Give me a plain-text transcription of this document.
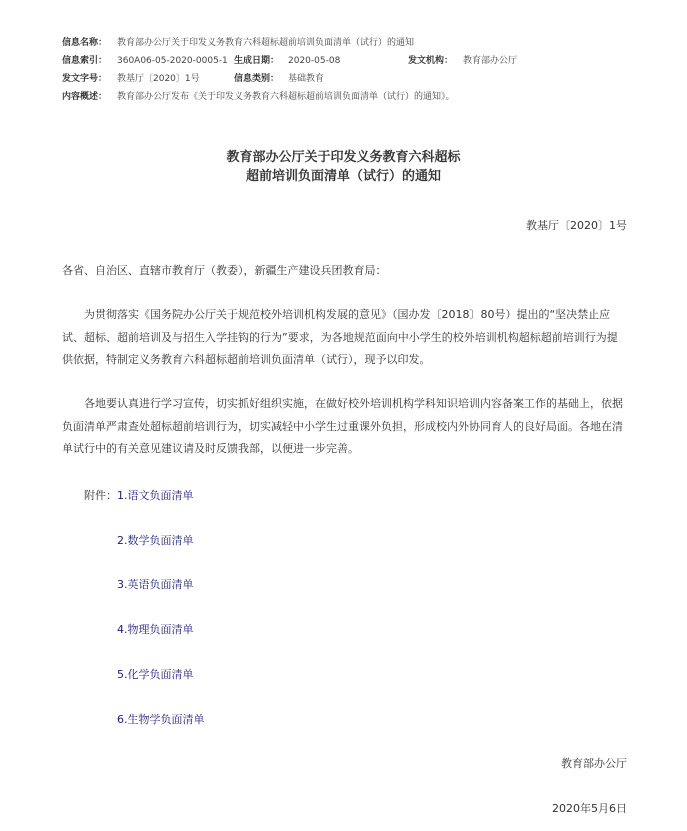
信息名称： 教育部办公厅关于印发义务教育六科超标超前培训负面清单（试行）的通知
信息索引： 360A06-05-2020-0005-1 生成日期： 2020-05-08	发文机构： 教育部办公厅
发文字号： 教基厅〔2020〕1号	信息类别： 基础教育
内容概述： 教育部办公厅发布《关于印发义务教育六科超标超前培训负面清单（试行）的通知》。
教育部办公厅关于印发义务教育六科超标
超前培训负面清单（试行）的通知
教基厅〔2020〕1号
各省、自治区、直辖市教育厅（教委），新疆生产建设兵团教育局：
为贯彻落实《国务院办公厅关于规范校外培训机构发展的意见》（国办发〔2018〕80号）提出的“坚决禁止应试、超标、超前培训及与招生入学挂钩的行为”要求，为各地规范面向中小学生的校外培训机构超标超前培训行为提供依据，特制定义务教育六科超标超前培训负面清单（试行），现予以印发。
各地要认真进行学习宣传，切实抓好组织实施，在做好校外培训机构学科知识培训内容备案工作的基础上，依据负面清单严肃查处超标超前培训行为，切实减轻中小学生过重课外负担，形成校内外协同育人的良好局面。各地在清单试行中的有关意见建议请及时反馈我部，以便进一步完善。
附件：1.语文负面清单
2.数学负面清单
3.英语负面清单
4.物理负面清单
5.化学负面清单
6.生物学负面清单
教育部办公厅
2020年5月6日
